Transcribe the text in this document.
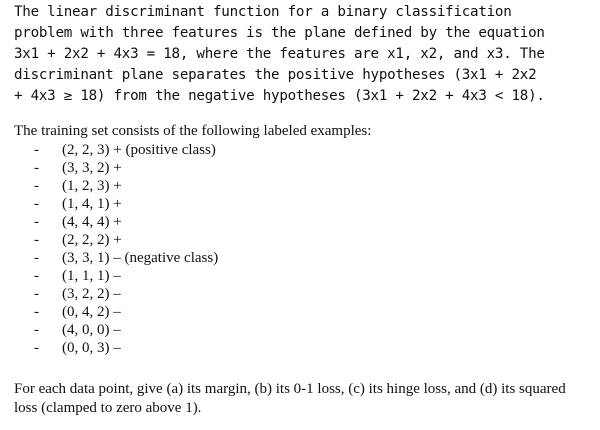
The linear discriminant function for a binary classification
problem with three features is the plane defined by the equation
3x1 + 2x2 + 4x3 = 18, where the features are x1, x2, and x3. The
discriminant plane separates the positive hypotheses (3x1 + 2x2
+ 4x3 ≥ 18) from the negative hypotheses (3x1 + 2x2 + 4x3 < 18).

The training set consists of the following labeled examples:

-	(2, 2, 3) + (positive class)
-	(3, 3, 2) +
-	(1, 2, 3) +
-	(1, 4, 1) +
-	(4, 4, 4) +
-	(2, 2, 2) +
-	(3, 3, 1) – (negative class)
-	(1, 1, 1) –
-	(3, 2, 2) –
-	(0, 4, 2) –
-	(4, 0, 0) –
-	(0, 0, 3) –

For each data point, give (a) its margin, (b) its 0-1 loss, (c) its hinge loss, and (d) its squared loss (clamped to zero above 1).
